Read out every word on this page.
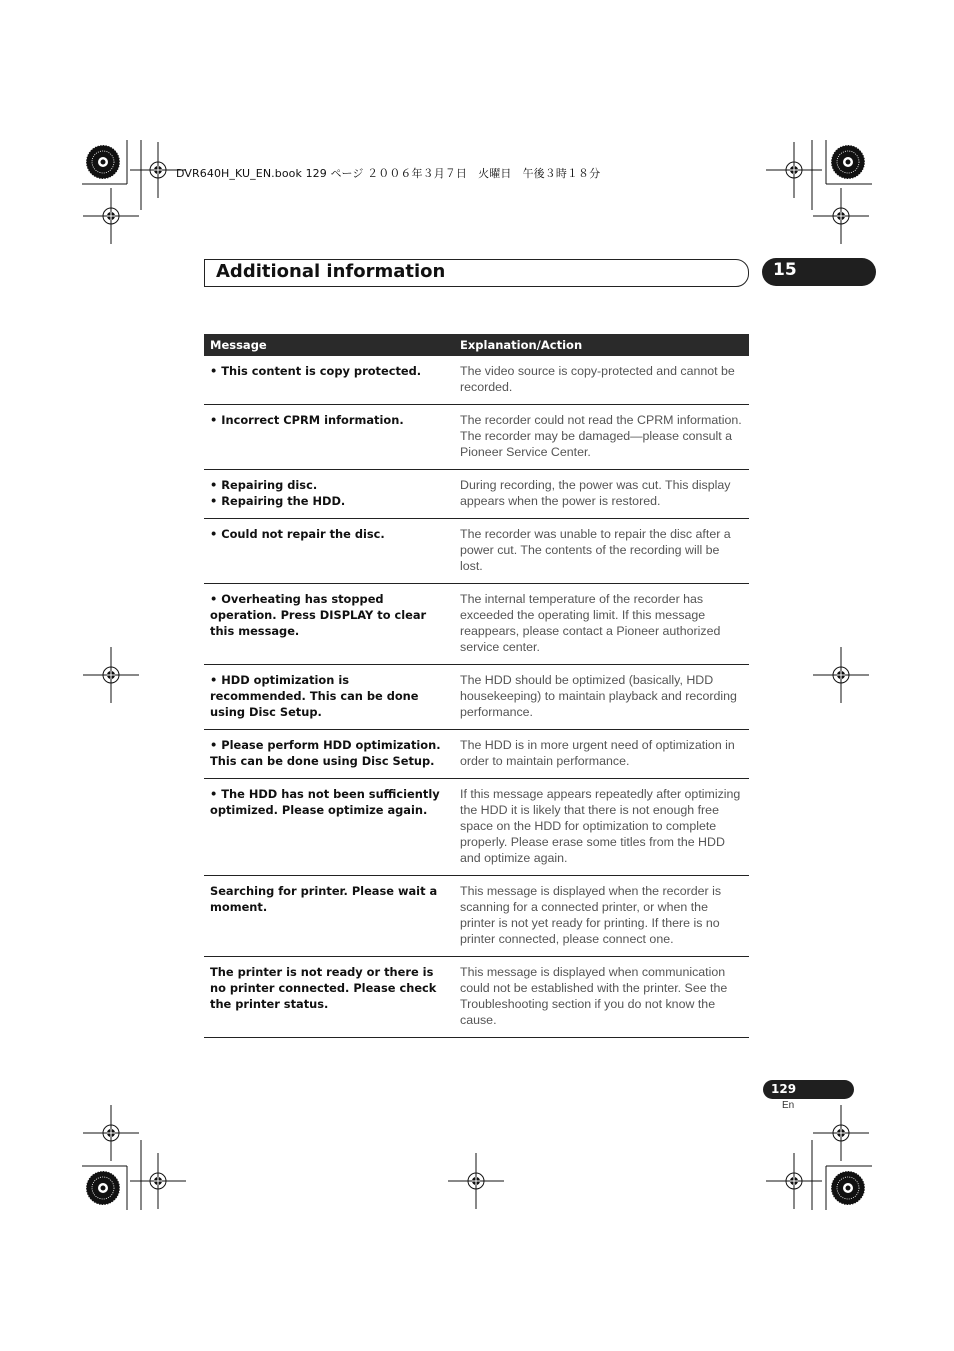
DVR640H_KU_EN.book 129 ページ ２００６年３月７日　火曜日　午後３時１８分
Additional information	15
Message	Explanation/Action

• This content is copy protected.	The video source is copy-protected and cannot be recorded.

• Incorrect CPRM information.	The recorder could not read the CPRM information. The recorder may be damaged—please consult a Pioneer Service Center.

• Repairing disc.
• Repairing the HDD.	During recording, the power was cut. This display appears when the power is restored.

• Could not repair the disc.	The recorder was unable to repair the disc after a power cut. The contents of the recording will be lost.

• Overheating has stopped operation. Press DISPLAY to clear this message.	The internal temperature of the recorder has exceeded the operating limit. If this message reappears, please contact a Pioneer authorized service center.

• HDD optimization is recommended. This can be done using Disc Setup.	The HDD should be optimized (basically, HDD housekeeping) to maintain playback and recording performance.

• Please perform HDD optimization. This can be done using Disc Setup.	The HDD is in more urgent need of optimization in order to maintain performance.

• The HDD has not been sufficiently optimized. Please optimize again.	If this message appears repeatedly after optimizing the HDD it is likely that there is not enough free space on the HDD for optimization to complete properly. Please erase some titles from the HDD and optimize again.

Searching for printer. Please wait a moment.	This message is displayed when the recorder is scanning for a connected printer, or when the printer is not yet ready for printing. If there is no printer connected, please connect one.

The printer is not ready or there is no printer connected. Please check the printer status.	This message is displayed when communication could not be established with the printer. See the Troubleshooting section if you do not know the cause.
129
En
